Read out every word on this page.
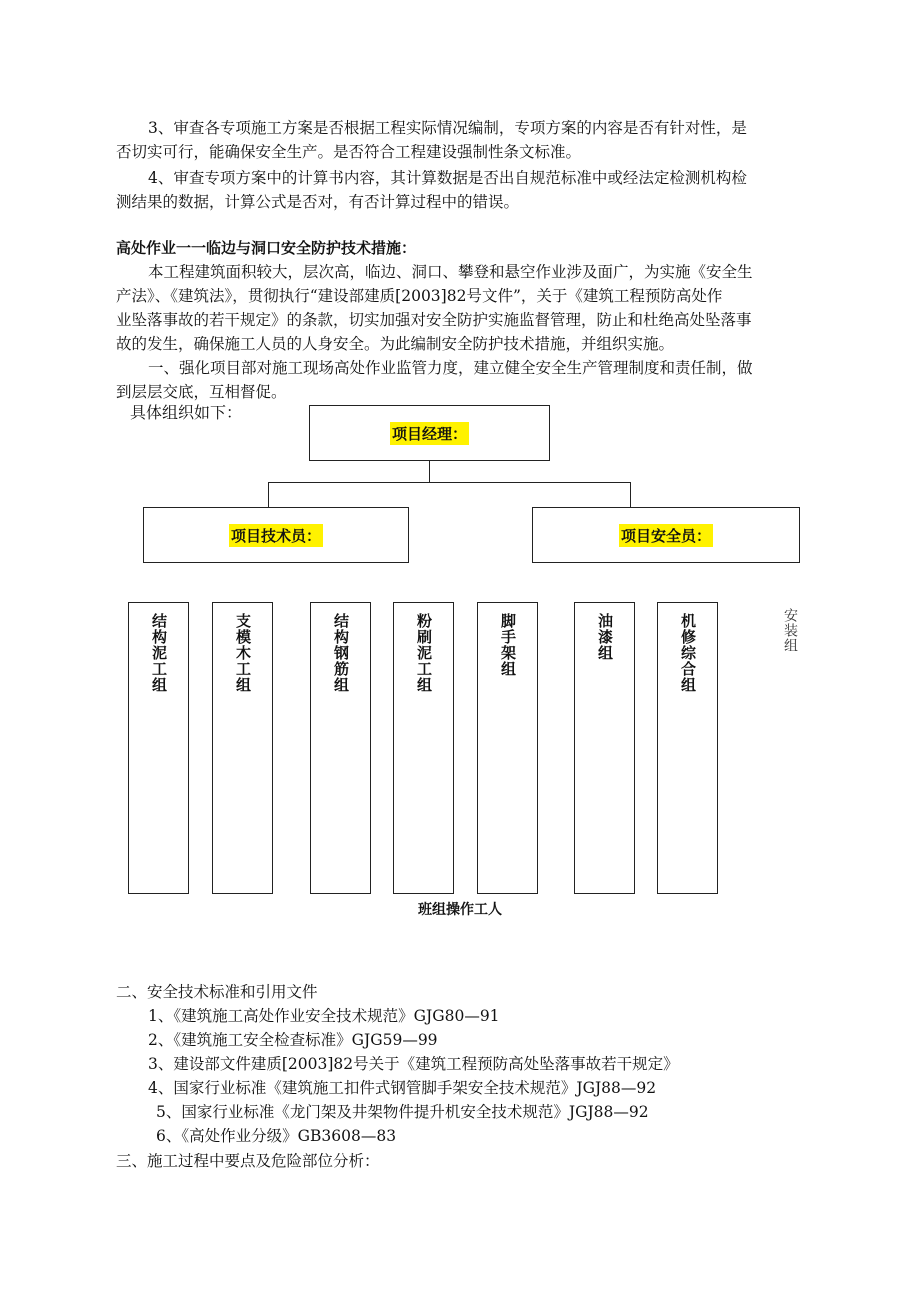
3、审查各专项施工方案是否根据工程实际情况编制，专项方案的内容是否有针对性，是
否切实可行，能确保安全生产。是否符合工程建设强制性条文标准。
4、审查专项方案中的计算书内容，其计算数据是否出自规范标准中或经法定检测机构检
测结果的数据，计算公式是否对，有否计算过程中的错误。
高处作业一一临边与洞口安全防护技术措施：
本工程建筑面积较大，层次高，临边、洞口、攀登和悬空作业涉及面广，为实施《安全生
产法》、《建筑法》，贯彻执行“建设部建质[2003]82号文件”，关于《建筑工程预防高处作
业坠落事故的若干规定》的条款，切实加强对安全防护实施监督管理，防止和杜绝高处坠落事
故的发生，确保施工人员的人身安全。为此编制安全防护技术措施，并组织实施。
一、强化项目部对施工现场高处作业监管力度，建立健全安全生产管理制度和责任制，做
到层层交底，互相督促。
具体组织如下：
项目经理：
项目技术员：	项目安全员：
结构泥工组	支模木工组	结构钢筋组	粉刷泥工组	脚手架组	油漆组	机修综合组	安装组
班组操作工人
二、安全技术标准和引用文件
1、《建筑施工高处作业安全技术规范》GJG80—91
2、《建筑施工安全检查标准》GJG59—99
3、建设部文件建质[2003]82号关于《建筑工程预防高处坠落事故若干规定》
4、国家行业标准《建筑施工扣件式钢管脚手架安全技术规范》JGJ88—92
5、国家行业标准《龙门架及井架物件提升机安全技术规范》JGJ88—92
6、《高处作业分级》GB3608—83
三、施工过程中要点及危险部位分析：
